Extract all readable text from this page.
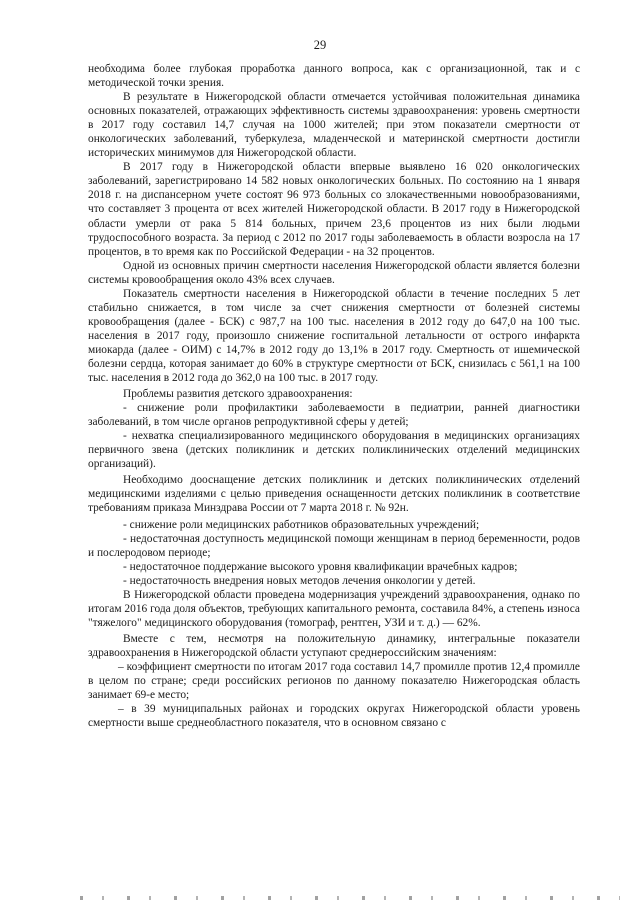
29

необходима более глубокая проработка данного вопроса, как с организационной, так и с методической точки зрения.

В результате в Нижегородской области отмечается устойчивая положительная динамика основных показателей, отражающих эффективность системы здравоохранения: уровень смертности в 2017 году составил 14,7 случая на 1000 жителей; при этом показатели смертности от онкологических заболеваний, туберкулеза, младенческой и материнской смертности достигли исторических минимумов для Нижегородской области.

В 2017 году в Нижегородской области впервые выявлено 16 020 онкологических заболеваний, зарегистрировано 14 582 новых онкологических больных. По состоянию на 1 января 2018 г. на диспансерном учете состоят 96 973 больных со злокачественными новообразованиями, что составляет 3 процента от всех жителей Нижегородской области. В 2017 году в Нижегородской области умерли от рака 5 814 больных, причем 23,6 процентов из них были людьми трудоспособного возраста. За период с 2012 по 2017 годы заболеваемость в области возросла на 17 процентов, в то время как по Российской Федерации - на 32 процентов.

Одной из основных причин смертности населения Нижегородской области является болезни системы кровообращения около 43% всех случаев.

Показатель смертности населения в Нижегородской области в течение последних 5 лет стабильно снижается, в том числе за счет снижения смертности от болезней системы кровообращения (далее - БСК) с 987,7 на 100 тыс. населения в 2012 году до 647,0 на 100 тыс. населения в 2017 году, произошло снижение госпитальной летальности от острого инфаркта миокарда (далее - ОИМ) с 14,7% в 2012 году до 13,1% в 2017 году. Смертность от ишемической болезни сердца, которая занимает до 60% в структуре смертности от БСК, снизилась с 561,1 на 100 тыс. населения в 2012 года до 362,0 на 100 тыс. в 2017 году.

Проблемы развития детского здравоохранения:

- снижение роли профилактики заболеваемости в педиатрии, ранней диагностики заболеваний, в том числе органов репродуктивной сферы у детей;

- нехватка специализированного медицинского оборудования в медицинских организациях первичного звена (детских поликлиник и детских поликлинических отделений медицинских организаций).

Необходимо дооснащение детских поликлиник и детских поликлинических отделений медицинскими изделиями с целью приведения оснащенности детских поликлиник в соответствие требованиям приказа Минздрава России от 7 марта 2018 г. № 92н.

- снижение роли медицинских работников образовательных учреждений;

- недостаточная доступность медицинской помощи женщинам в период беременности, родов и послеродовом периоде;

- недостаточное поддержание высокого уровня квалификации врачебных кадров;

- недостаточность внедрения новых методов лечения онкологии у детей.

В Нижегородской области проведена модернизация учреждений здравоохранения, однако по итогам 2016 года доля объектов, требующих капитального ремонта, составила 84%, а степень износа "тяжелого" медицинского оборудования (томограф, рентген, УЗИ и т. д.) — 62%.

Вместе с тем, несмотря на положительную динамику, интегральные показатели здравоохранения в Нижегородской области уступают среднероссийским значениям:

– коэффициент смертности по итогам 2017 года составил 14,7 промилле против 12,4 промилле в целом по стране; среди российских регионов по данному показателю Нижегородская область занимает 69-е место;

– в 39 муниципальных районах и городских округах Нижегородской области уровень смертности выше среднеобластного показателя, что в основном связано с
